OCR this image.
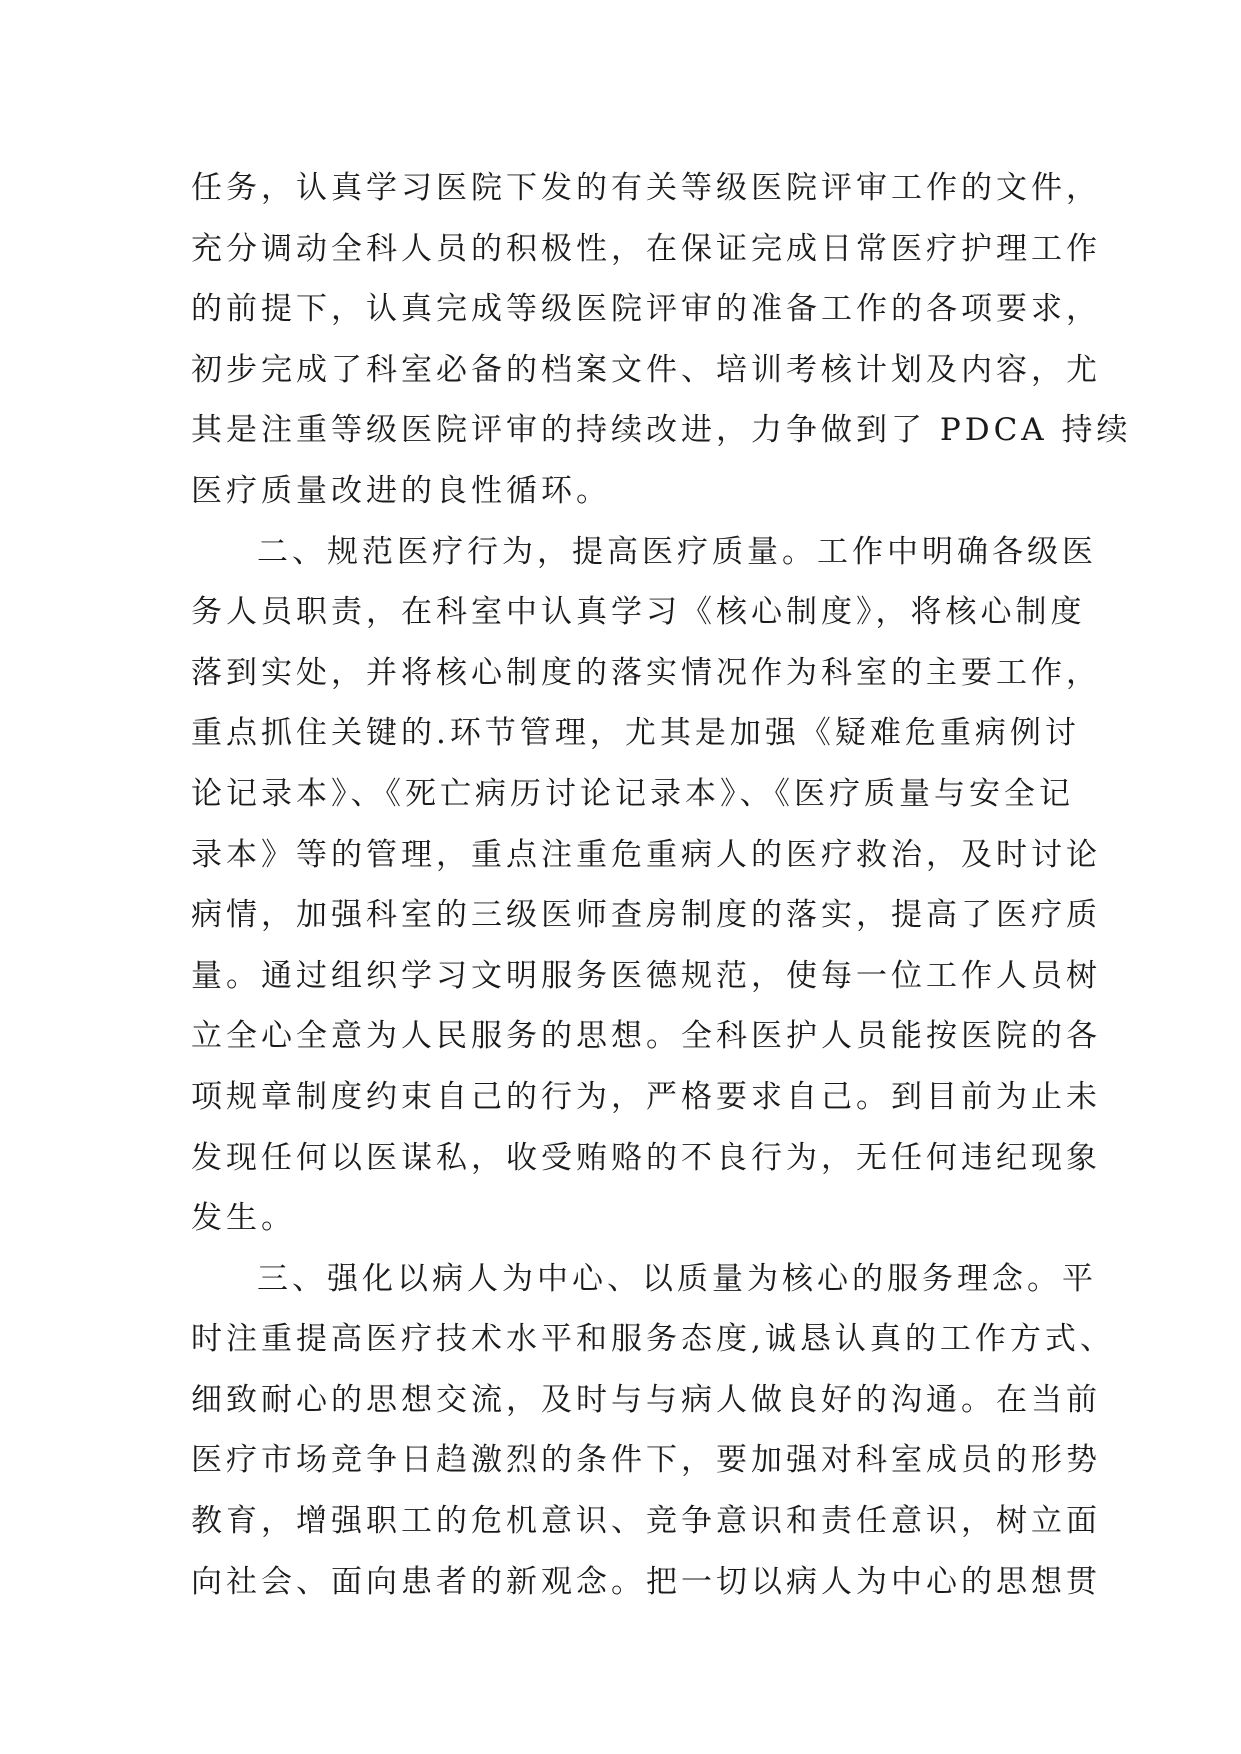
任务，认真学习医院下发的有关等级医院评审工作的文件，
充分调动全科人员的积极性，在保证完成日常医疗护理工作
的前提下，认真完成等级医院评审的准备工作的各项要求，
初步完成了科室必备的档案文件、培训考核计划及内容，尤
其是注重等级医院评审的持续改进，力争做到了 PDCA 持续
医疗质量改进的良性循环。
二、规范医疗行为，提高医疗质量。工作中明确各级医
务人员职责，在科室中认真学习《核心制度》，将核心制度
落到实处，并将核心制度的落实情况作为科室的主要工作，
重点抓住关键的.环节管理，尤其是加强《疑难危重病例讨
论记录本》、《死亡病历讨论记录本》、《医疗质量与安全记
录本》等的管理，重点注重危重病人的医疗救治，及时讨论
病情，加强科室的三级医师查房制度的落实，提高了医疗质
量。通过组织学习文明服务医德规范，使每一位工作人员树
立全心全意为人民服务的思想。全科医护人员能按医院的各
项规章制度约束自己的行为，严格要求自己。到目前为止未
发现任何以医谋私，收受贿赂的不良行为，无任何违纪现象
发生。
三、强化以病人为中心、以质量为核心的服务理念。平
时注重提高医疗技术水平和服务态度,诚恳认真的工作方式、
细致耐心的思想交流，及时与与病人做良好的沟通。在当前
医疗市场竞争日趋激烈的条件下，要加强对科室成员的形势
教育，增强职工的危机意识、竞争意识和责任意识，树立面
向社会、面向患者的新观念。把一切以病人为中心的思想贯
